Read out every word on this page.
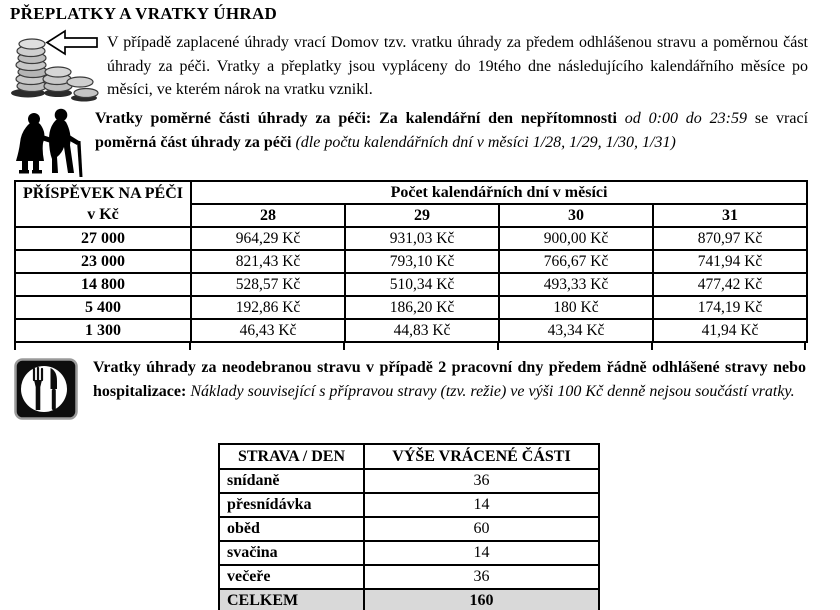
PŘEPLATKY A VRATKY ÚHRAD

V případě zaplacené úhrady vrací Domov tzv. vratku úhrady za předem odhlášenou stravu a poměrnou část úhrady za péči. Vratky a přeplatky jsou vypláceny do 19tého dne následujícího kalendářního měsíce po měsíci, ve kterém nárok na vratku vznikl.

Vratky poměrné části úhrady za péči: Za kalendářní den nepřítomnosti od 0:00 do 23:59 se vrací poměrná část úhrady za péči (dle počtu kalendářních dní v měsíci 1/28, 1/29, 1/30, 1/31)

PŘÍSPĚVEK NA PÉČI v Kč	Počet kalendářních dní v měsíci			
	28	29	30	31
27 000	964,29 Kč	931,03 Kč	900,00 Kč	870,97 Kč
23 000	821,43 Kč	793,10 Kč	766,67 Kč	741,94 Kč
14 800	528,57 Kč	510,34 Kč	493,33 Kč	477,42 Kč
5 400	192,86 Kč	186,20 Kč	180 Kč	174,19 Kč
1 300	46,43 Kč	44,83 Kč	43,34 Kč	41,94 Kč

Vratky úhrady za neodebranou stravu v případě 2 pracovní dny předem řádně odhlášené stravy nebo hospitalizace: Náklady související s přípravou stravy (tzv. režie) ve výši 100 Kč denně nejsou součástí vratky.

STRAVA / DEN	VÝŠE VRÁCENÉ ČÁSTI
snídaně	36
přesnídávka	14
oběd	60
svačina	14
večeře	36
CELKEM	160
